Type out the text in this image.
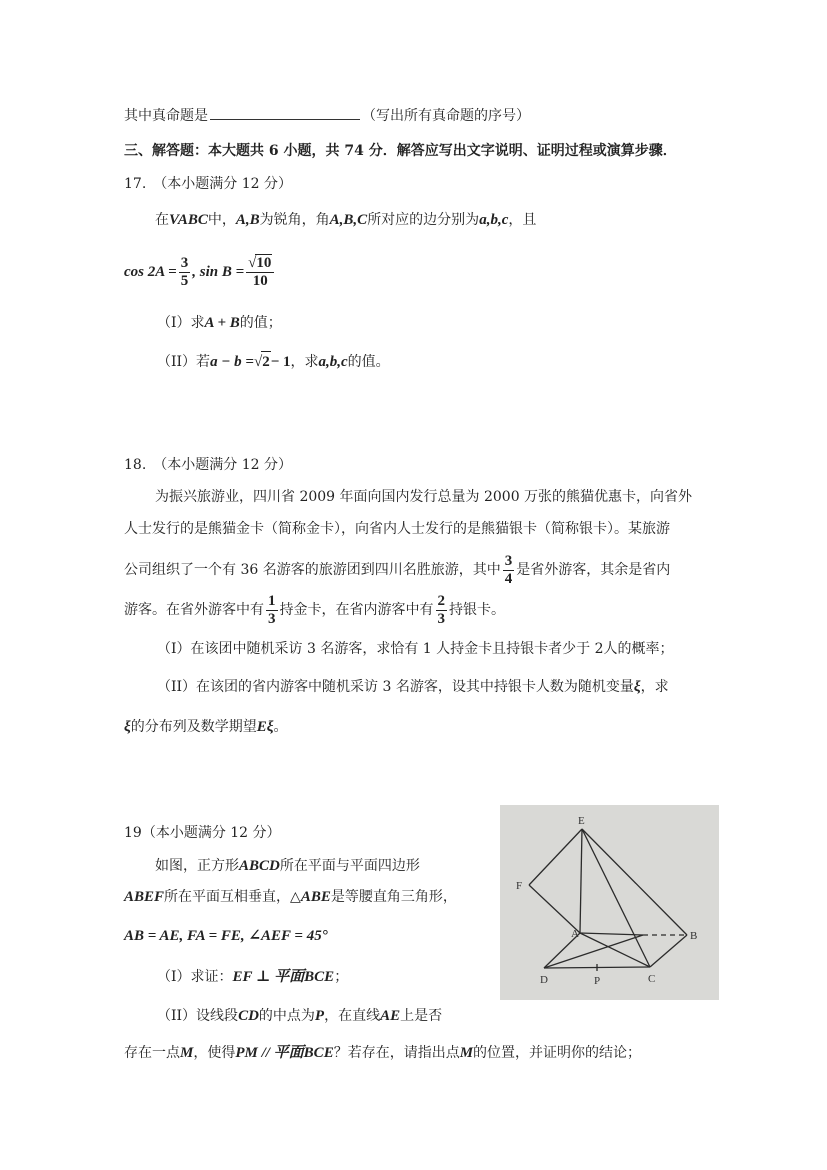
其中真命题是	（写出所有真命题的序号）
三、解答题：本大题共 6 小题，共 74 分．解答应写出文字说明、证明过程或演算步骤．
17.　（本小题满分 12 分）
在VABC中，A,B为锐角，角A,B,C所对应的边分别为a,b,c，且
$\cos 2A = \frac{3}{5}$ , $\sin B = \frac{√10}{10}$
（I）求A + B的值；
（II）若a − b =√2− 1，求a,b,c的值。
18.　（本小题满分 12 分）
为振兴旅游业，四川省 2009 年面向国内发行总量为 2000 万张的熊猫优惠卡，向省外
人士发行的是熊猫金卡（简称金卡），向省内人士发行的是熊猫银卡（简称银卡）。某旅游
公司组织了一个有 36 名游客的旅游团到四川名胜旅游，其中 $\frac{3}{4}$ 是省外游客，其余是省内
游客。在省外游客中有 $\frac{1}{3}$ 持金卡，在省内游客中有 $\frac{2}{3}$ 持银卡。
（I）在该团中随机采访 3 名游客，求恰有 1 人持金卡且持银卡者少于 2人的概率；
（II）在该团的省内游客中随机采访 3 名游客，设其中持银卡人数为随机变量ξ，求
ξ的分布列及数学期望Eξ。
19（本小题满分 12 分）
如图，正方形ABCD所在平面与平面四边形
ABEF所在平面互相垂直，△ABE是等腰直角三角形，
AB = AE, FA = FE, ∠AEF = 45°
（I）求证：EF ⊥ 平面BCE；
（II）设线段CD的中点为P，在直线AE上是否
存在一点M，使得PM // 平面BCE？若存在，请指出点M的位置，并证明你的结论；
E
F
A	B
D	P	C
